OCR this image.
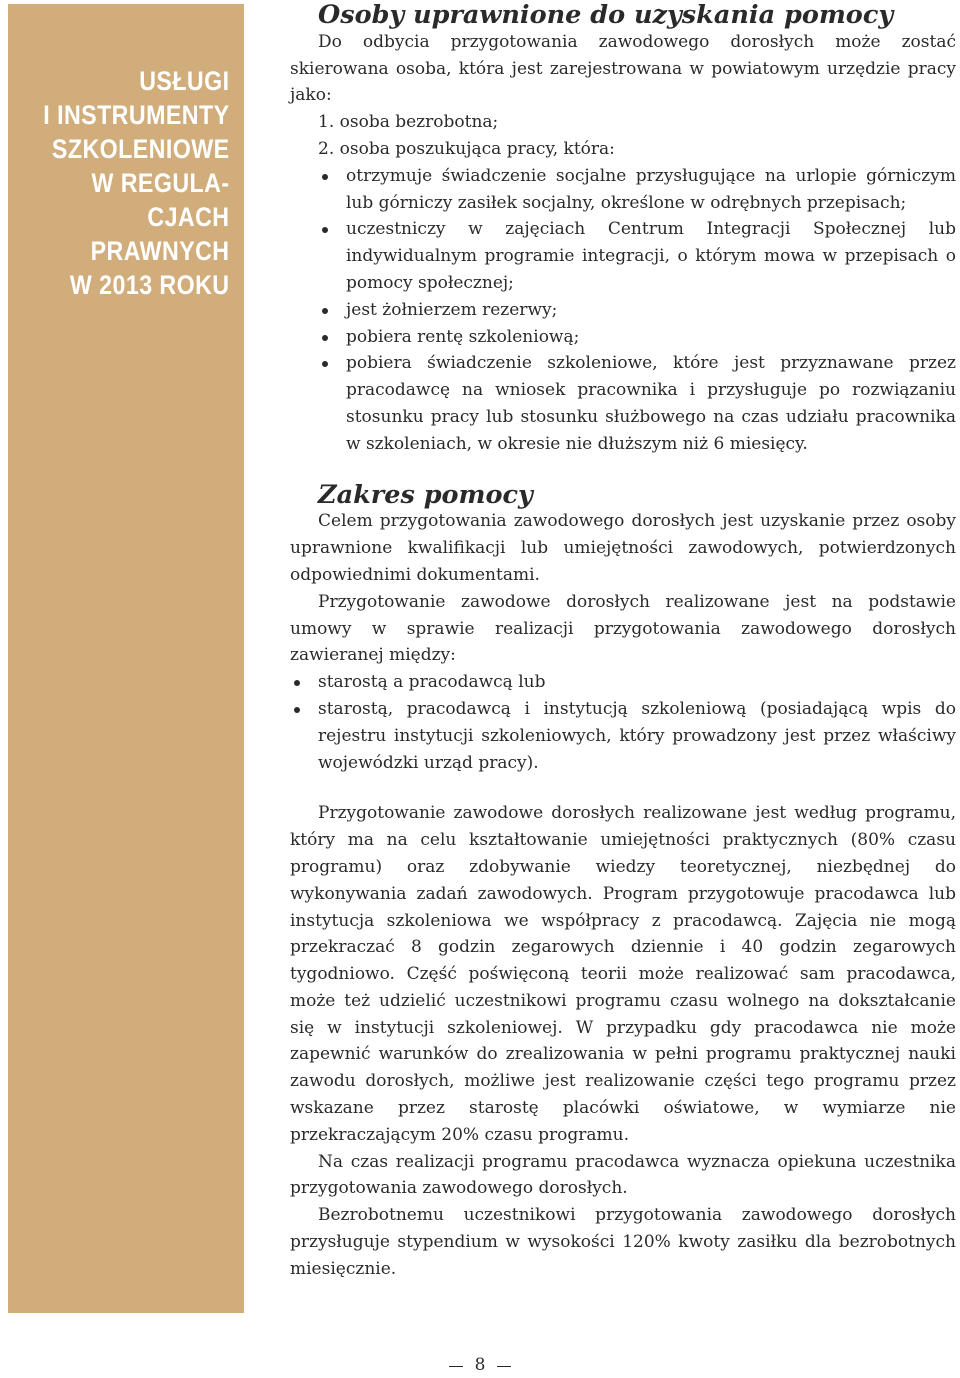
USŁUGI
I INSTRUMENTY
SZKOLENIOWE
W REGULA-
CJACH
PRAWNYCH
W 2013 ROKU
Osoby uprawnione do uzyskania pomocy

Do odbycia przygotowania zawodowego dorosłych może zostać skierowana osoba, która jest zarejestrowana w powiatowym urzędzie pracy jako:

1. osoba bezrobotna;
2. osoba poszukująca pracy, która:
otrzymuje świadczenie socjalne przysługujące na urlopie górniczym lub górniczy zasiłek socjalny, określone w odrębnych przepisach;
uczestniczy w zajęciach Centrum Integracji Społecznej lub indywidualnym programie integracji, o którym mowa w przepisach o pomocy społecznej;
jest żołnierzem rezerwy;
pobiera rentę szkoleniową;
pobiera świadczenie szkoleniowe, które jest przyznawane przez pracodawcę na wniosek pracownika i przysługuje po rozwiązaniu stosunku pracy lub stosunku służbowego na czas udziału pracownika w szkoleniach, w okresie nie dłuższym niż 6 miesięcy.
Zakres pomocy

Celem przygotowania zawodowego dorosłych jest uzyskanie przez osoby uprawnione kwalifikacji lub umiejętności zawodowych, potwierdzonych odpowiednimi dokumentami.

Przygotowanie zawodowe dorosłych realizowane jest na podstawie umowy w sprawie realizacji przygotowania zawodowego dorosłych zawieranej między:

starostą a pracodawcą lub
starostą, pracodawcą i instytucją szkoleniową (posiadającą wpis do rejestru instytucji szkoleniowych, który prowadzony jest przez właściwy wojewódzki urząd pracy).

Przygotowanie zawodowe dorosłych realizowane jest według programu, który ma na celu kształtowanie umiejętności praktycznych (80% czasu programu) oraz zdobywanie wiedzy teoretycznej, niezbędnej do wykonywania zadań zawodowych. Program przygotowuje pracodawca lub instytucja szkoleniowa we współpracy z pracodawcą. Zajęcia nie mogą przekraczać 8 godzin zegarowych dziennie i 40 godzin zegarowych tygodniowo. Część poświęconą teorii może realizować sam pracodawca, może też udzielić uczestnikowi programu czasu wolnego na dokształcanie się w instytucji szkoleniowej. W przypadku gdy pracodawca nie może zapewnić warunków do zrealizowania w pełni programu praktycznej nauki zawodu dorosłych, możliwe jest realizowanie części tego programu przez wskazane przez starostę placówki oświatowe, w wymiarze nie przekraczającym 20% czasu programu.

Na czas realizacji programu pracodawca wyznacza opiekuna uczestnika przygotowania zawodowego dorosłych.

Bezrobotnemu uczestnikowi przygotowania zawodowego dorosłych przysługuje stypendium w wysokości 120% kwoty zasiłku dla bezrobotnych miesięcznie.

8
